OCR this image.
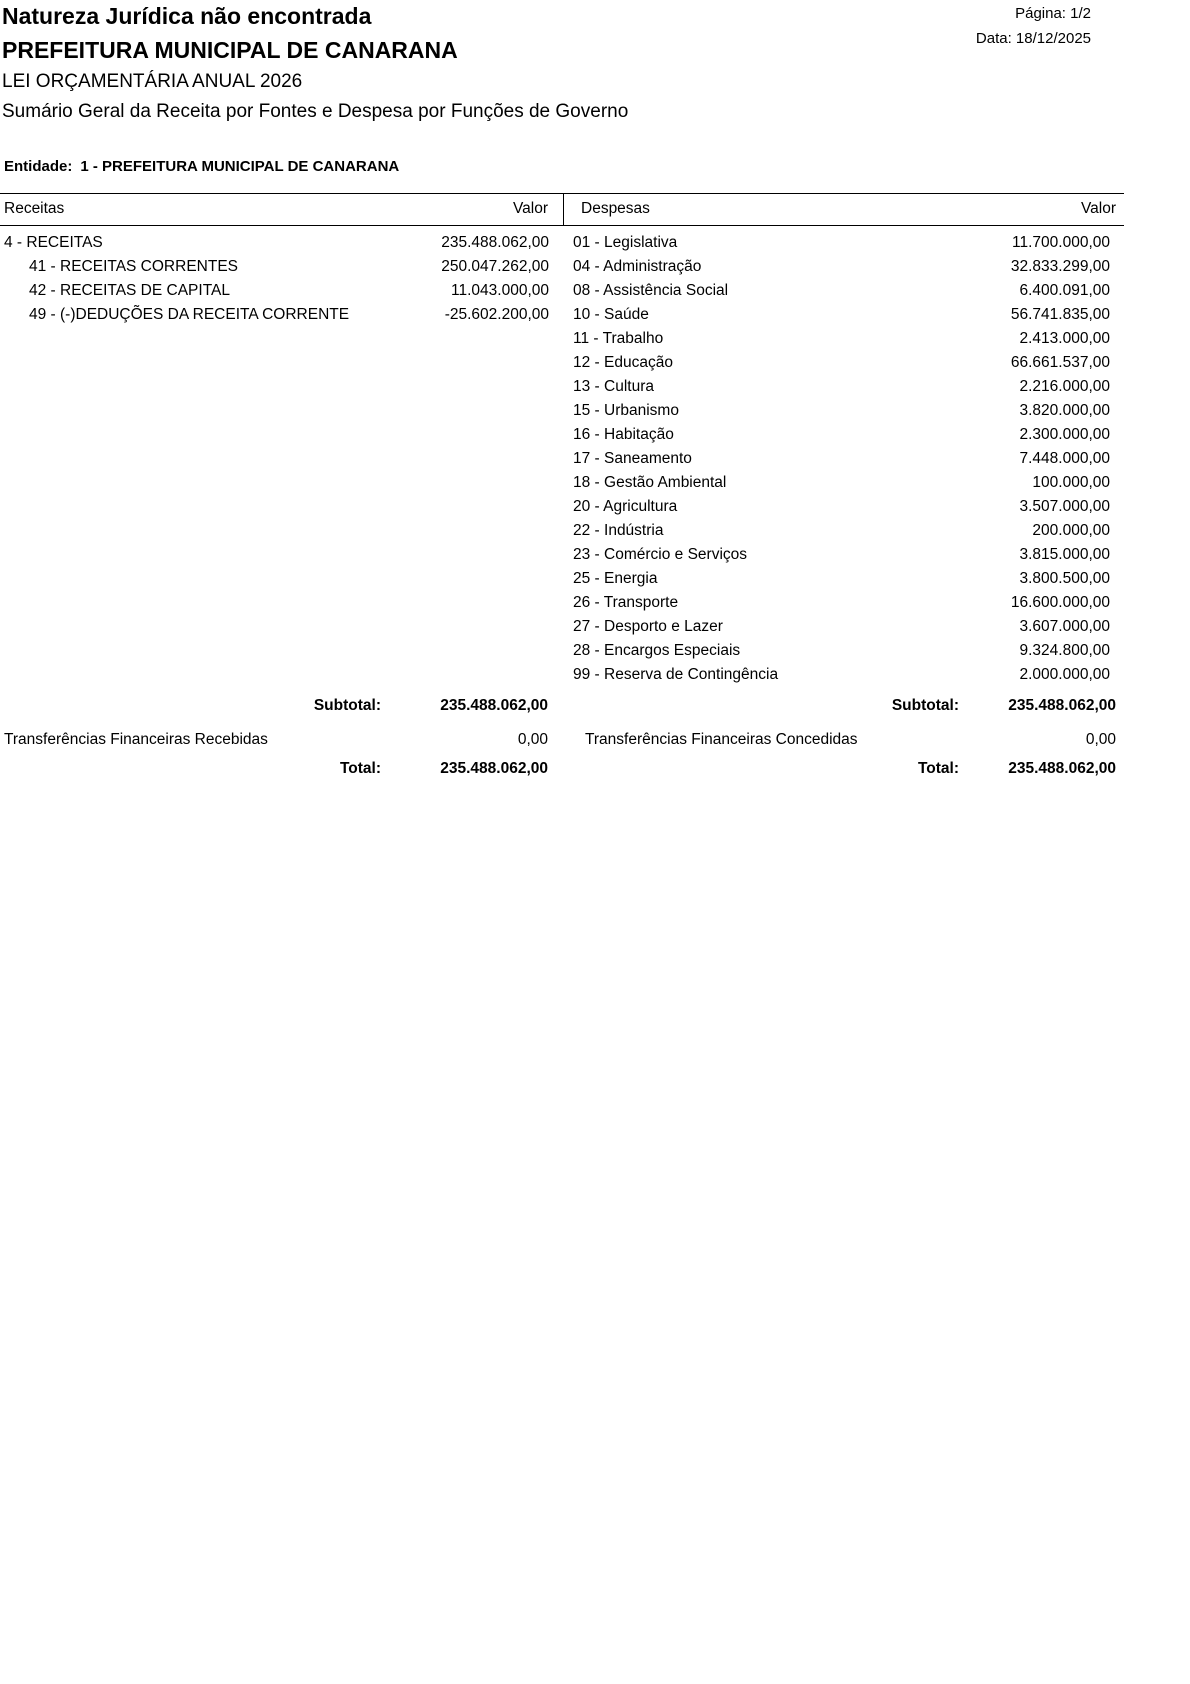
Natureza Jurídica não encontrada
PREFEITURA MUNICIPAL DE CANARANA
LEI ORÇAMENTÁRIA ANUAL 2026
Sumário Geral da Receita por Fontes e Despesa por Funções de Governo
Página: 1/2
Data: 18/12/2025
Entidade: 1 - PREFEITURA MUNICIPAL DE CANARANA
Receitas	Valor Despesas	Valor
4 - RECEITAS	235.488.062,00 01 - Legislativa	11.700.000,00
41 - RECEITAS CORRENTES	250.047.262,00 04 - Administração	32.833.299,00
42 - RECEITAS DE CAPITAL	11.043.000,00 08 - Assistência Social	6.400.091,00
49 - (-)DEDUÇÕES DA RECEITA CORRENTE	-25.602.200,00 10 - Saúde	56.741.835,00
11 - Trabalho	2.413.000,00
12 - Educação	66.661.537,00
13 - Cultura	2.216.000,00
15 - Urbanismo	3.820.000,00
16 - Habitação	2.300.000,00
17 - Saneamento	7.448.000,00
18 - Gestão Ambiental	100.000,00
20 - Agricultura	3.507.000,00
22 - Indústria	200.000,00
23 - Comércio e Serviços	3.815.000,00
25 - Energia	3.800.500,00
26 - Transporte	16.600.000,00
27 - Desporto e Lazer	3.607.000,00
28 - Encargos Especiais	9.324.800,00
99 - Reserva de Contingência	2.000.000,00
Subtotal:	235.488.062,00	Subtotal:	235.488.062,00
Transferências Financeiras Recebidas	0,00 Transferências Financeiras Concedidas	0,00
Total:	235.488.062,00	Total:	235.488.062,00
